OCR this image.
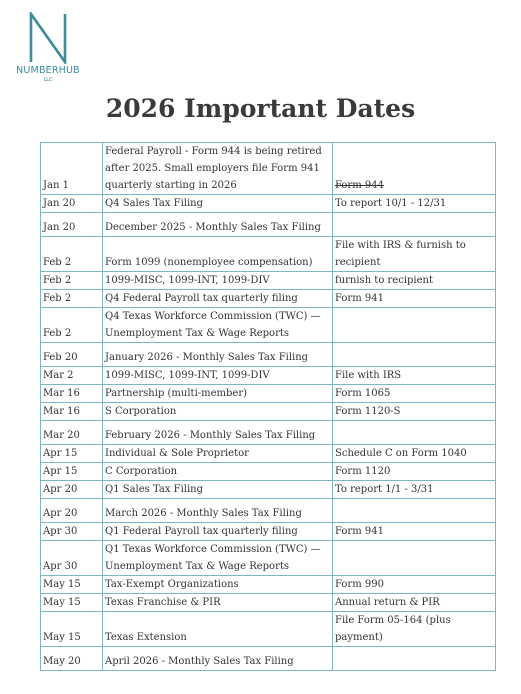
NUMBERHUB
LLC
2026 Important Dates
Jan 1	Federal Payroll - Form 944 is being retired after 2025. Small employers file Form 941 quarterly starting in 2026	Form 944
Jan 20	Q4 Sales Tax Filing	To report 10/1 - 12/31
Jan 20	December 2025 - Monthly Sales Tax Filing	
Feb 2	Form 1099 (nonemployee compensation)	File with IRS & furnish to recipient
Feb 2	1099-MISC, 1099-INT, 1099-DIV	furnish to recipient
Feb 2	Q4 Federal Payroll tax quarterly filing	Form 941
Feb 2	Q4 Texas Workforce Commission (TWC) — Unemployment Tax & Wage Reports	
Feb 20	January 2026 - Monthly Sales Tax Filing	
Mar 2	1099-MISC, 1099-INT, 1099-DIV	File with IRS
Mar 16	Partnership (multi-member)	Form 1065
Mar 16	S Corporation	Form 1120-S
Mar 20	February 2026 - Monthly Sales Tax Filing	
Apr 15	Individual & Sole Proprietor	Schedule C on Form 1040
Apr 15	C Corporation	Form 1120
Apr 20	Q1 Sales Tax Filing	To report 1/1 - 3/31
Apr 20	March 2026 - Monthly Sales Tax Filing	
Apr 30	Q1 Federal Payroll tax quarterly filing	Form 941
Apr 30	Q1 Texas Workforce Commission (TWC) — Unemployment Tax & Wage Reports	
May 15	Tax-Exempt Organizations	Form 990
May 15	Texas Franchise & PIR	Annual return & PIR
May 15	Texas Extension	File Form 05-164 (plus payment)
May 20	April 2026 - Monthly Sales Tax Filing	
